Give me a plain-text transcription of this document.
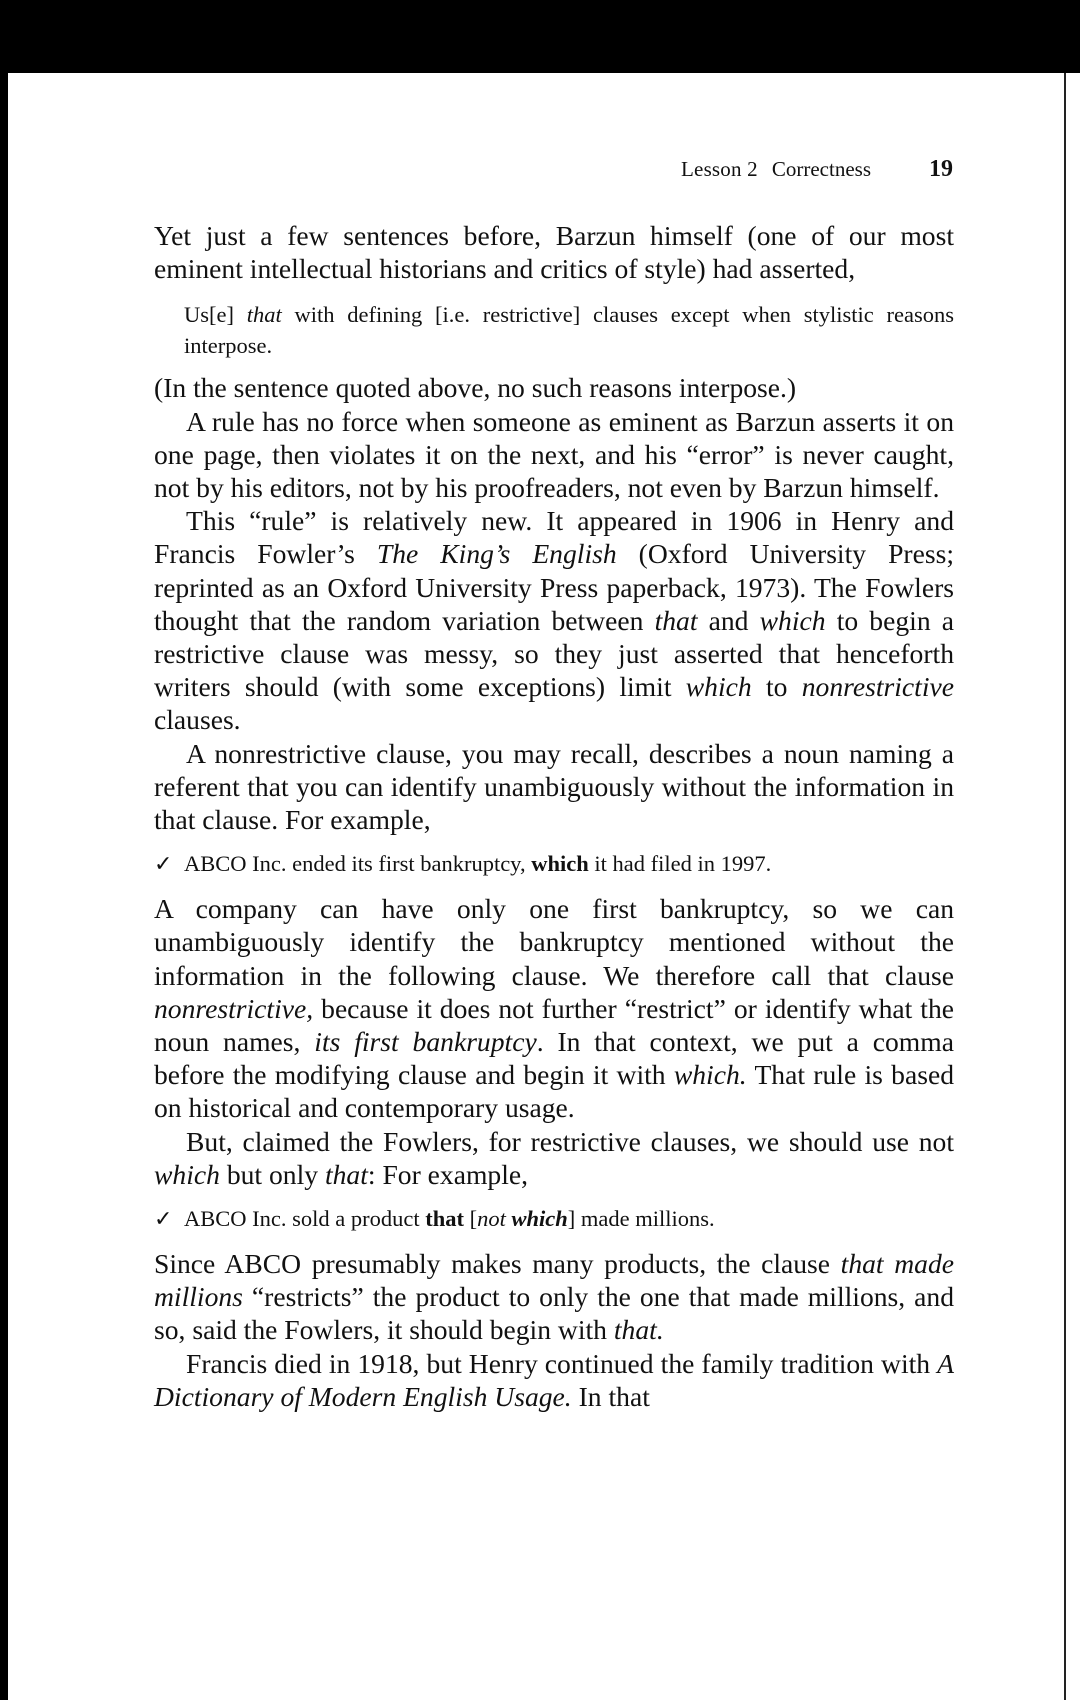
Lesson 2 Correctness 19

Yet just a few sentences before, Barzun himself (one of our most eminent intellectual historians and critics of style) had asserted,

Us[e] that with defining [i.e. restrictive] clauses except when stylistic reasons interpose.

(In the sentence quoted above, no such reasons interpose.)

A rule has no force when someone as eminent as Barzun asserts it on one page, then violates it on the next, and his “error” is never caught, not by his editors, not by his proofreaders, not even by Barzun himself.

This “rule” is relatively new. It appeared in 1906 in Henry and Francis Fowler’s The King’s English (Oxford University Press; reprinted as an Oxford University Press paperback, 1973). The Fowlers thought that the random variation between that and which to begin a restrictive clause was messy, so they just asserted that henceforth writers should (with some exceptions) limit which to nonrestrictive clauses.

A nonrestrictive clause, you may recall, describes a noun naming a referent that you can identify unambiguously without the information in that clause. For example,

✓ ABCO Inc. ended its first bankruptcy, which it had filed in 1997.

A company can have only one first bankruptcy, so we can unambiguously identify the bankruptcy mentioned without the information in the following clause. We therefore call that clause nonrestrictive, because it does not further “restrict” or identify what the noun names, its first bankruptcy. In that context, we put a comma before the modifying clause and begin it with which. That rule is based on historical and contemporary usage.

But, claimed the Fowlers, for restrictive clauses, we should use not which but only that: For example,

✓ ABCO Inc. sold a product that [not which] made millions.

Since ABCO presumably makes many products, the clause that made millions “restricts” the product to only the one that made millions, and so, said the Fowlers, it should begin with that.

Francis died in 1918, but Henry continued the family tradition with A Dictionary of Modern English Usage. In that
